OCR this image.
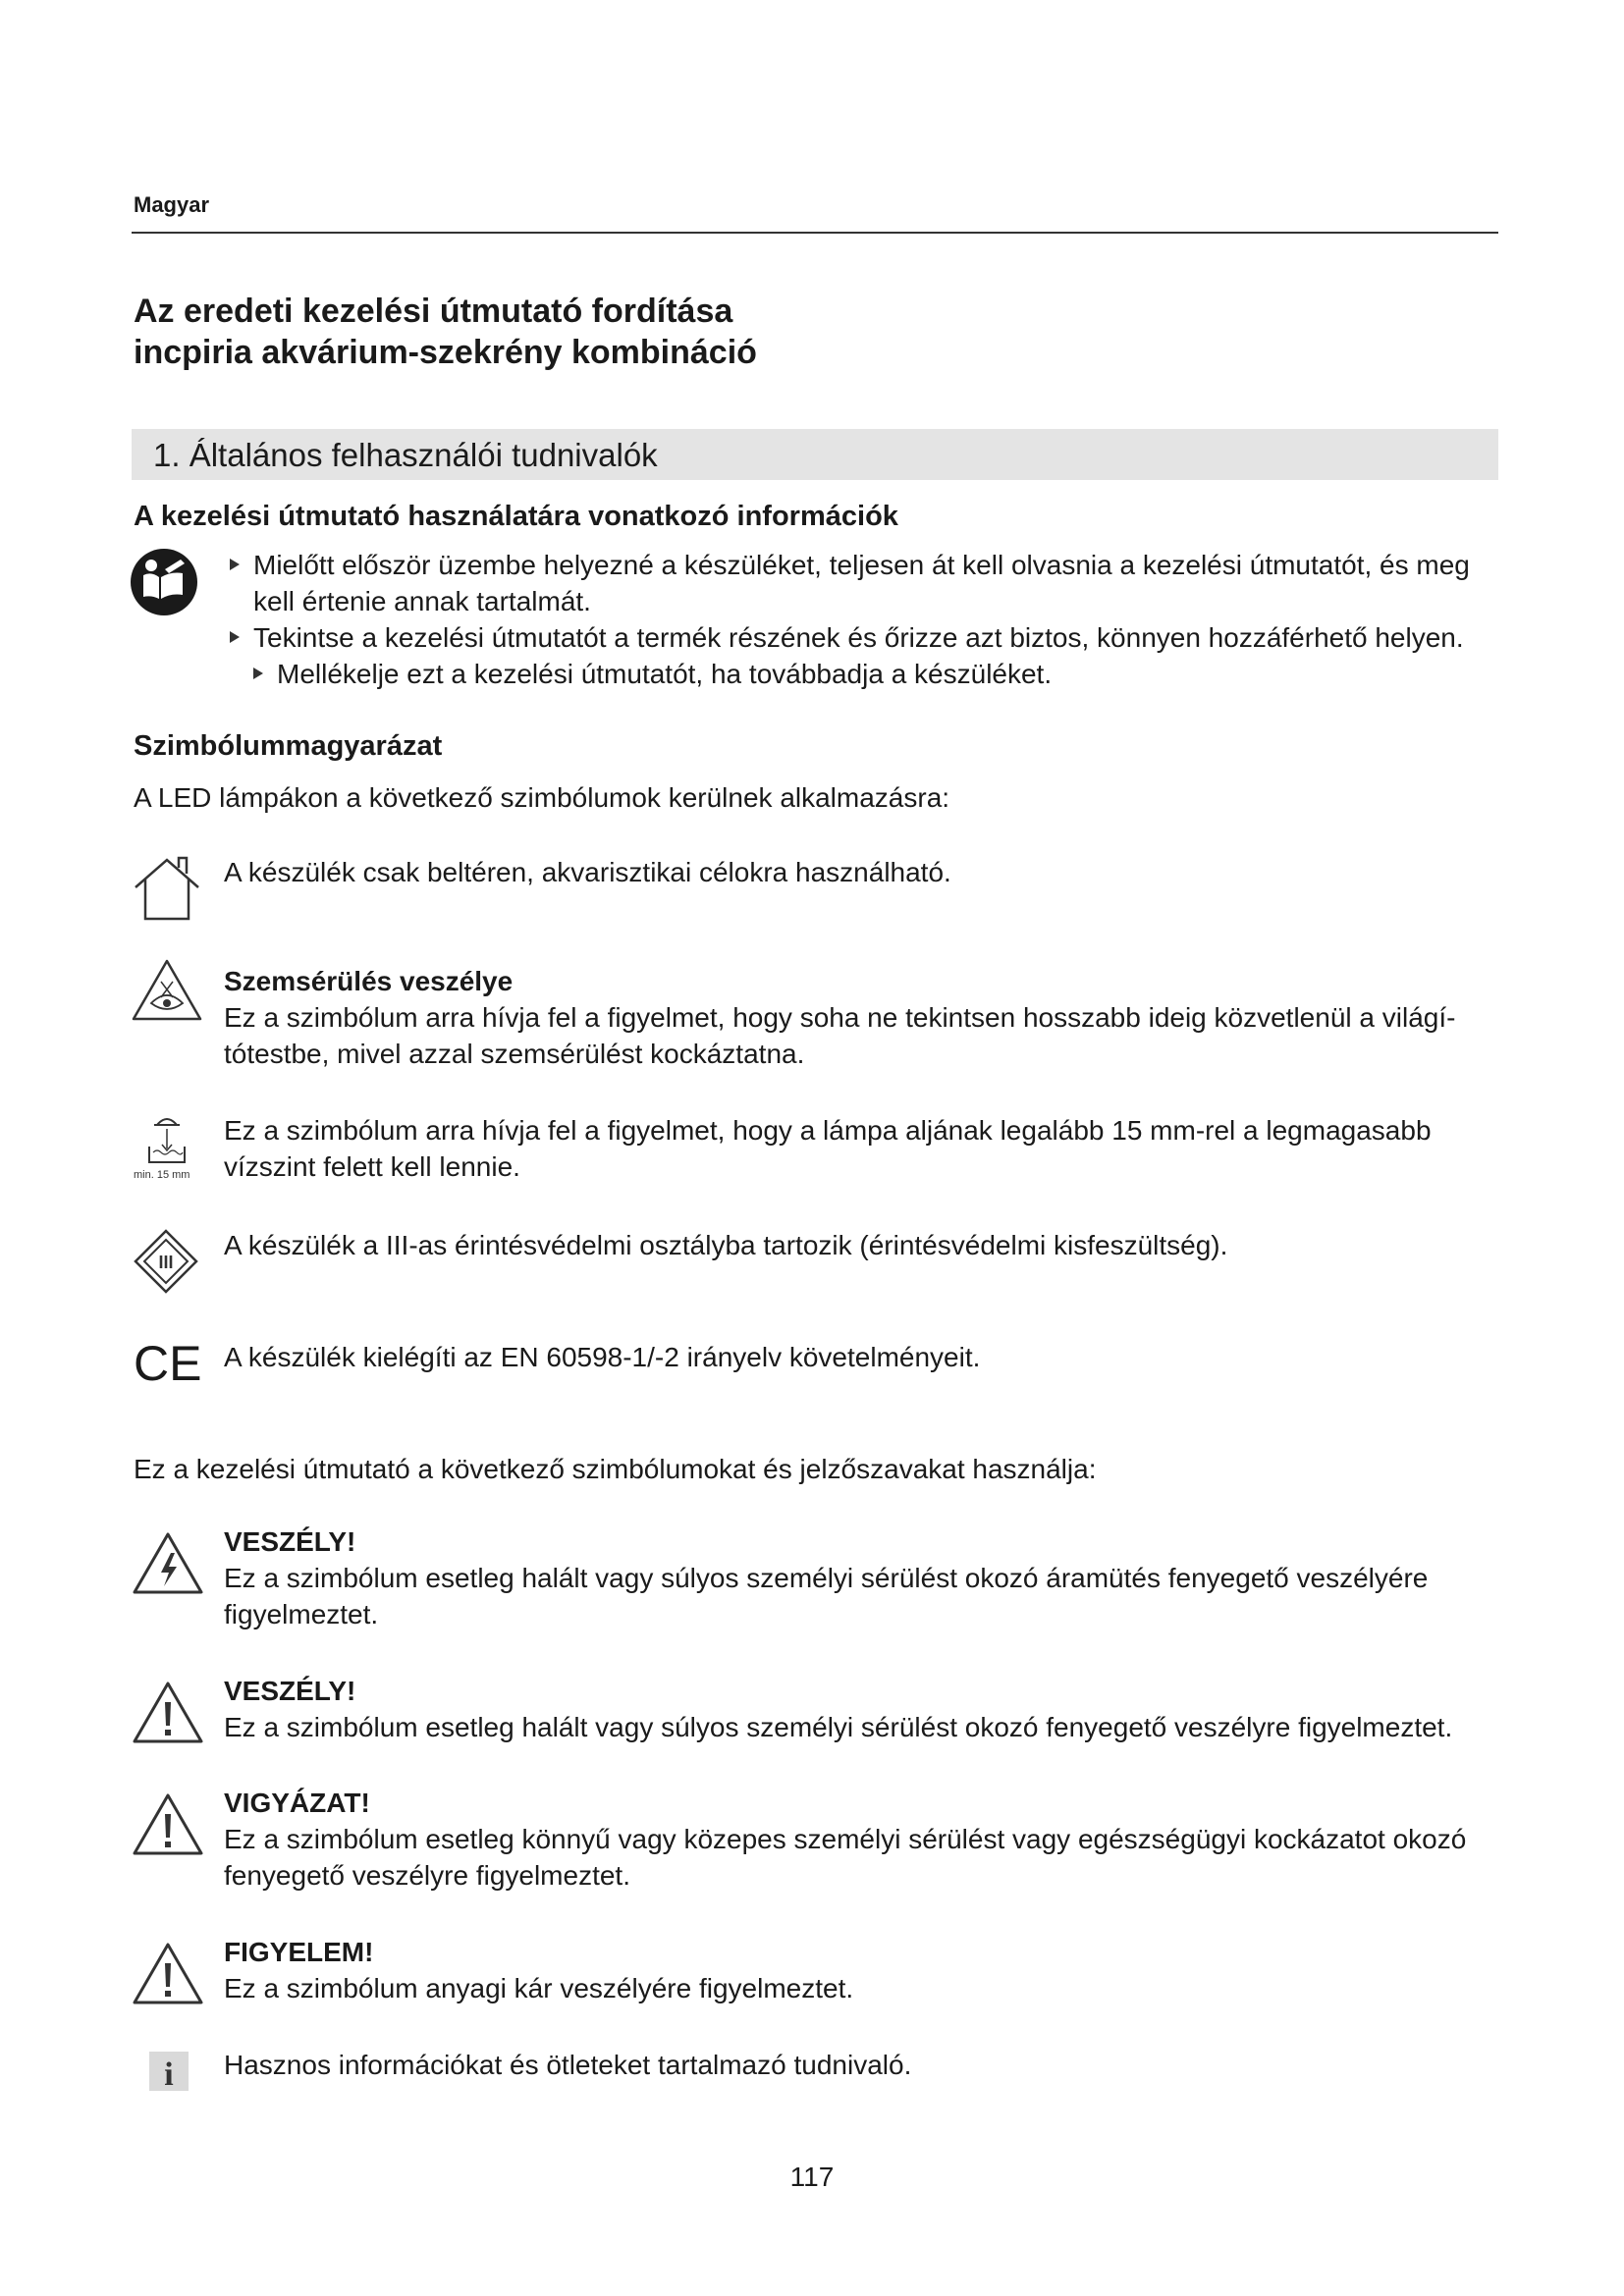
Magyar
Az eredeti kezelési útmutató fordítása
incpiria akvárium-szekrény kombináció
1. Általános felhasználói tudnivalók
A kezelési útmutató használatára vonatkozó információk
Mielőtt először üzembe helyezné a készüléket, teljesen át kell olvasnia a kezelési útmutatót, és meg
kell értenie annak tartalmát.
Tekintse a kezelési útmutatót a termék részének és őrizze azt biztos, könnyen hozzáférhető helyen.
Mellékelje ezt a kezelési útmutatót, ha továbbadja a készüléket.
Szimbólummagyarázat
A LED lámpákon a következő szimbólumok kerülnek alkalmazásra:
A készülék csak beltéren, akvarisztikai célokra használható.
Szemsérülés veszélye
Ez a szimbólum arra hívja fel a figyelmet, hogy soha ne tekintsen hosszabb ideig közvetlenül a világí-
tótestbe, mivel azzal szemsérülést kockáztatna.
min. 15 mm
Ez a szimbólum arra hívja fel a figyelmet, hogy a lámpa aljának legalább 15 mm-rel a legmagasabb
vízszint felett kell lennie.
III
A készülék a III-as érintésvédelmi osztályba tartozik (érintésvédelmi kisfeszültség).
CE A készülék kielégíti az EN 60598-1/-2 irányelv követelményeit.
Ez a kezelési útmutató a következő szimbólumokat és jelzőszavakat használja:
VESZÉLY!
Ez a szimbólum esetleg halált vagy súlyos személyi sérülést okozó áramütés fenyegető veszélyére
figyelmeztet.
VESZÉLY!
Ez a szimbólum esetleg halált vagy súlyos személyi sérülést okozó fenyegető veszélyre figyelmeztet.
VIGYÁZAT!
Ez a szimbólum esetleg könnyű vagy közepes személyi sérülést vagy egészségügyi kockázatot okozó
fenyegető veszélyre figyelmeztet.
FIGYELEM!
Ez a szimbólum anyagi kár veszélyére figyelmeztet.
i Hasznos információkat és ötleteket tartalmazó tudnivaló.
117
